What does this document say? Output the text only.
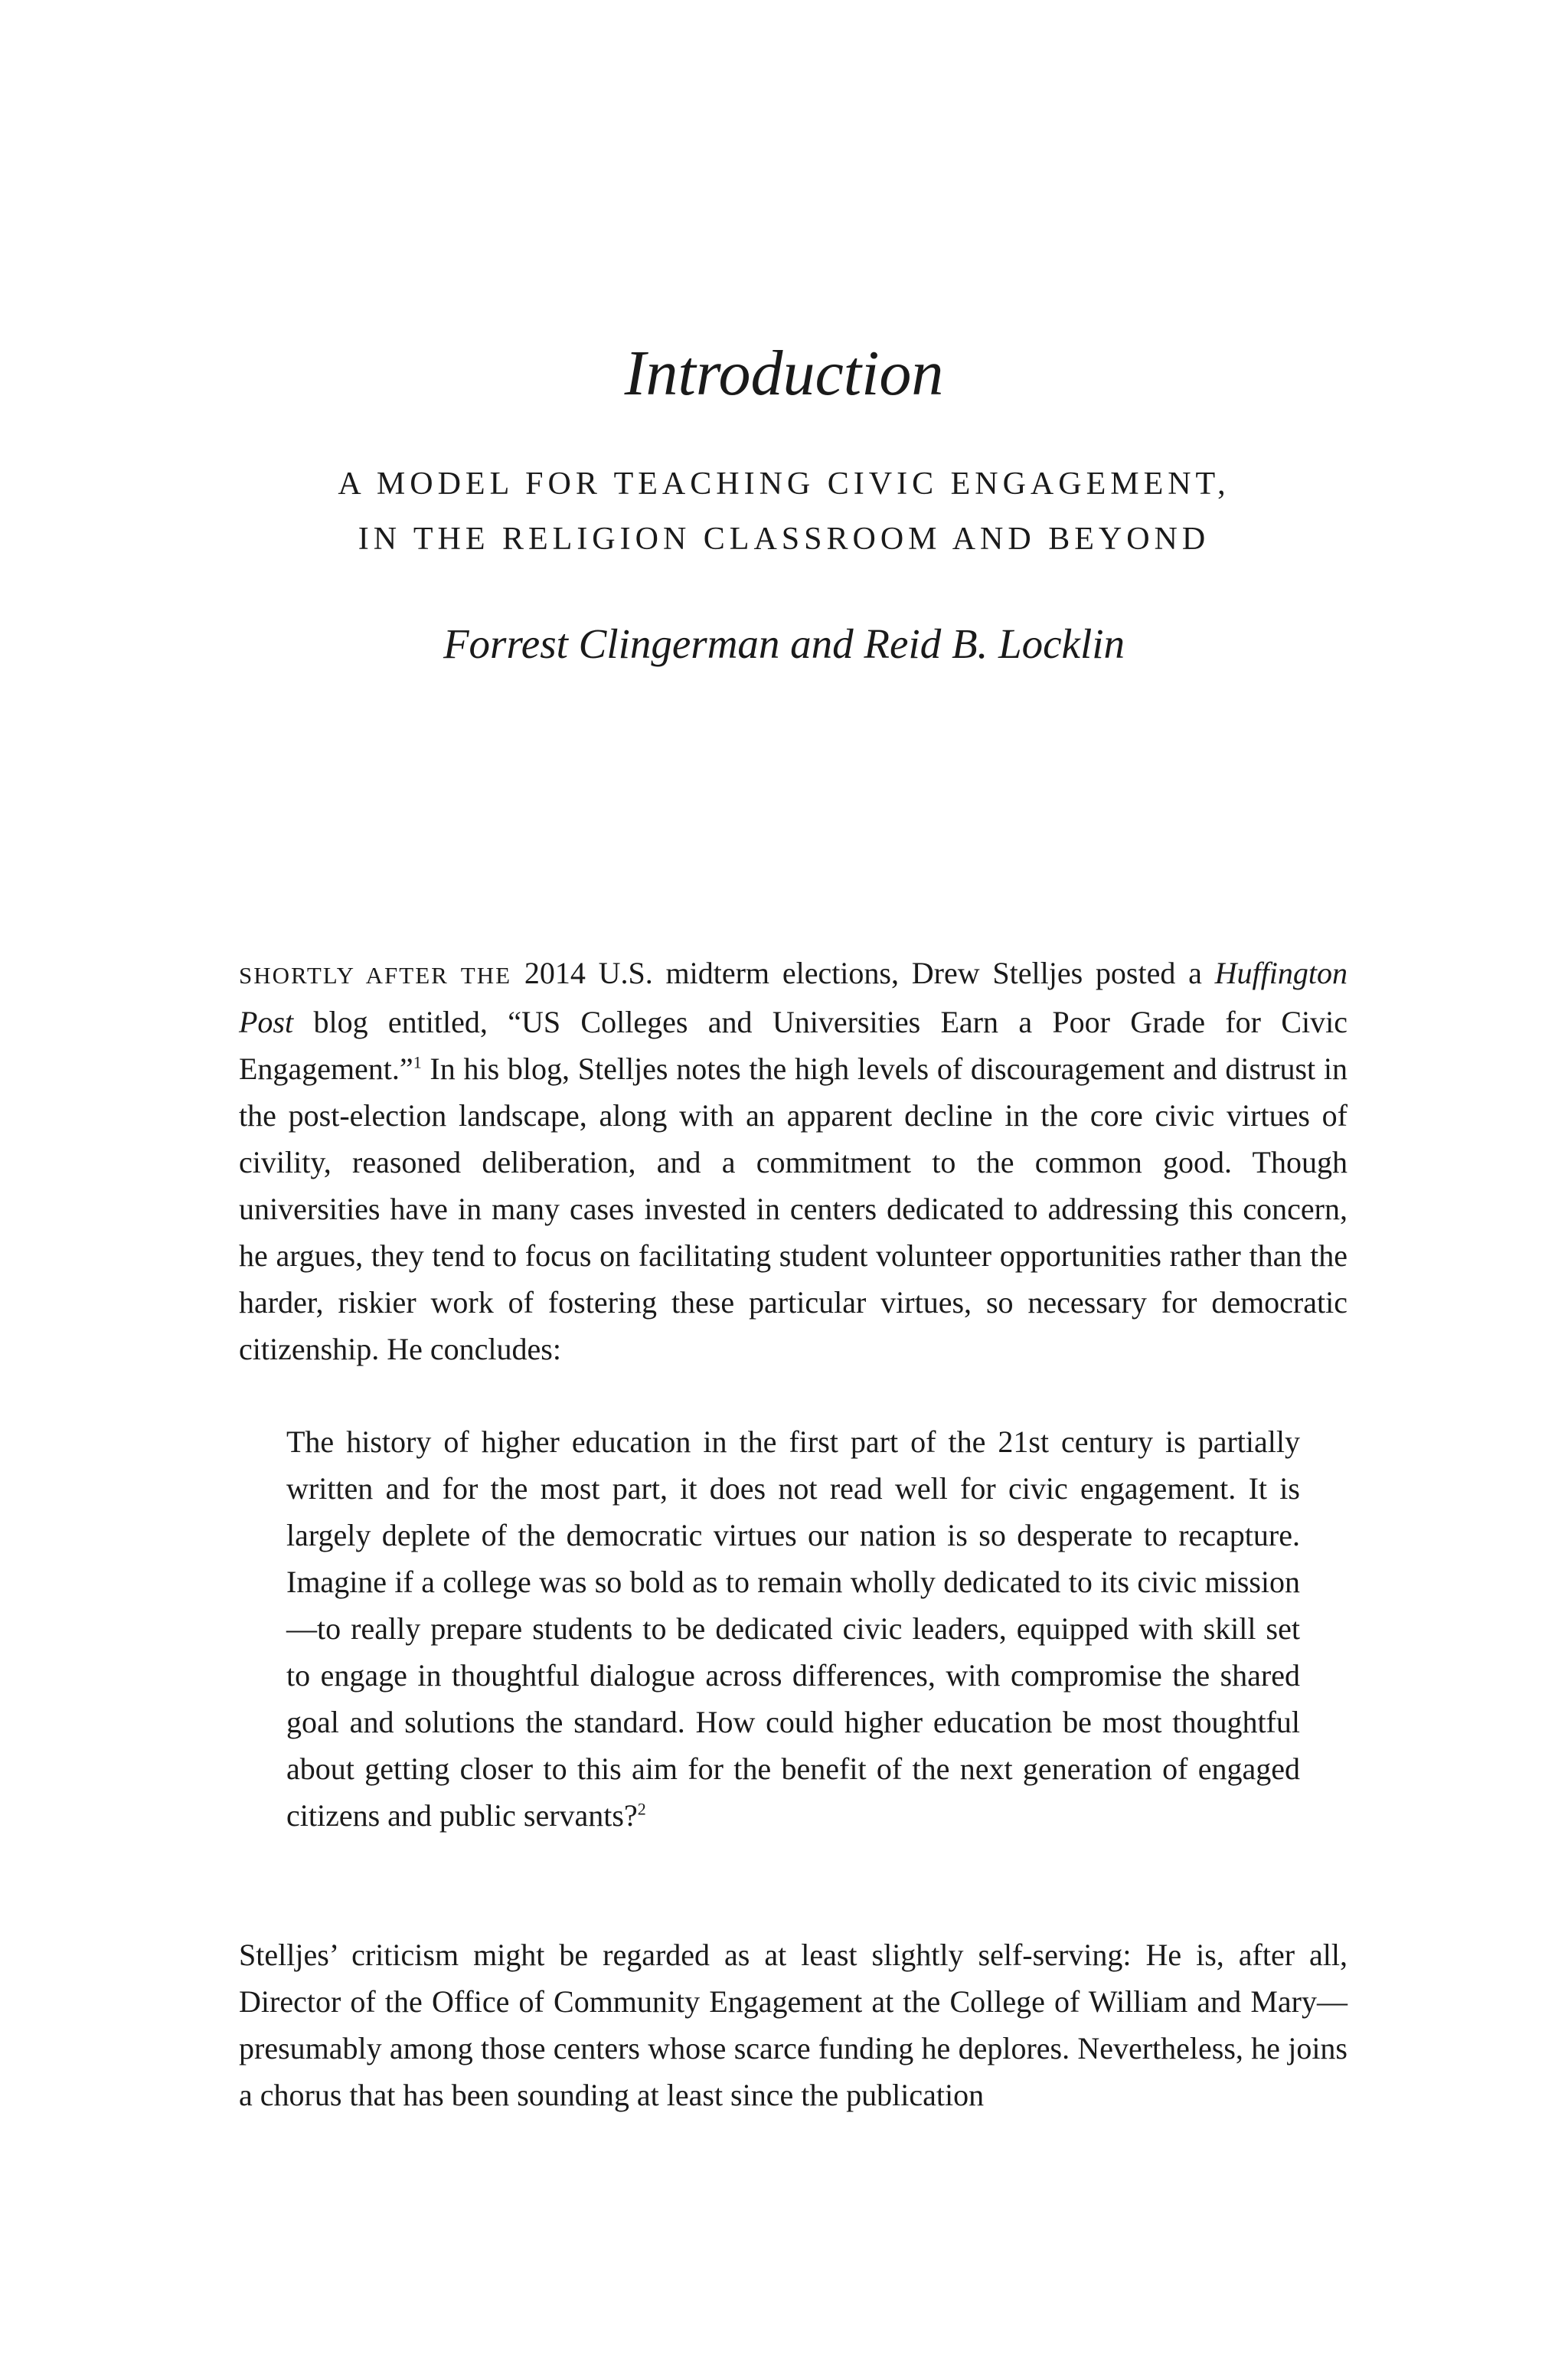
Introduction
A MODEL FOR TEACHING CIVIC ENGAGEMENT,
IN THE RELIGION CLASSROOM AND BEYOND

Forrest Clingerman and Reid B. Locklin

SHORTLY AFTER THE 2014 U.S. midterm elections, Drew Stelljes posted a Huffington Post blog entitled, “US Colleges and Universities Earn a Poor Grade for Civic Engagement.”$^1$ In his blog, Stelljes notes the high levels of discouragement and distrust in the post-election landscape, along with an apparent decline in the core civic virtues of civility, reasoned deliberation, and a commitment to the common good. Though universities have in many cases invested in centers dedicated to addressing this concern, he argues, they tend to focus on facilitating student volunteer opportunities rather than the harder, riskier work of fostering these particular virtues, so necessary for democratic citizenship. He concludes:

The history of higher education in the first part of the 21st century is partially written and for the most part, it does not read well for civic engagement. It is largely deplete of the democratic virtues our nation is so desperate to recapture. Imagine if a college was so bold as to remain wholly dedicated to its civic mission—to really prepare students to be dedicated civic leaders, equipped with skill set to engage in thoughtful dialogue across differences, with compromise the shared goal and solutions the standard. How could higher education be most thoughtful about getting closer to this aim for the benefit of the next generation of engaged citizens and public servants?$^2$

Stelljes’ criticism might be regarded as at least slightly self-serving: He is, after all, Director of the Office of Community Engagement at the College of William and Mary—presumably among those centers whose scarce funding he deplores. Nevertheless, he joins a chorus that has been sounding at least since the publication
